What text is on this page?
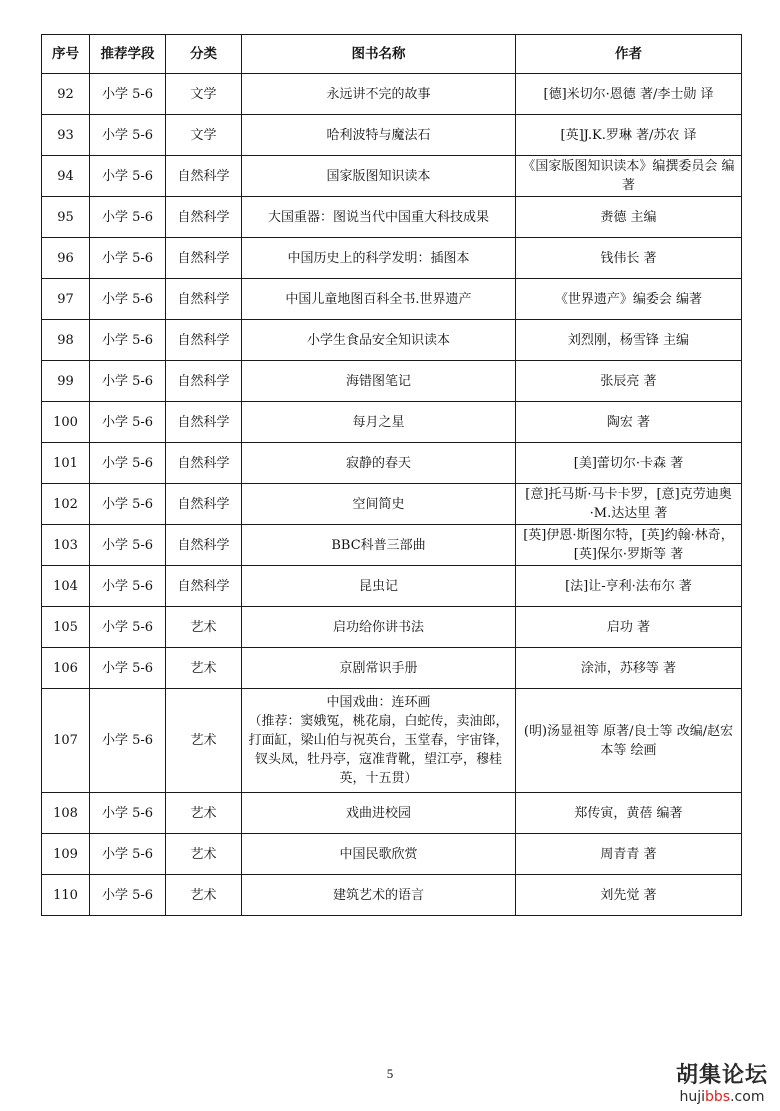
序号	推荐学段	分类	图书名称	作者
92	小学 5-6	文学	永远讲不完的故事	[德]米切尔·恩德 著/李士勋 译
93	小学 5-6	文学	哈利波特与魔法石	[英]J.K.罗琳 著/苏农 译
94	小学 5-6	自然科学	国家版图知识读本	《国家版图知识读本》编撰委员会 编著
95	小学 5-6	自然科学	大国重器：图说当代中国重大科技成果	赉德 主编
96	小学 5-6	自然科学	中国历史上的科学发明：插图本	钱伟长 著
97	小学 5-6	自然科学	中国儿童地图百科全书.世界遗产	《世界遗产》编委会 编著
98	小学 5-6	自然科学	小学生食品安全知识读本	刘烈刚，杨雪锋 主编
99	小学 5-6	自然科学	海错图笔记	张辰亮 著
100	小学 5-6	自然科学	每月之星	陶宏 著
101	小学 5-6	自然科学	寂静的春天	[美]蕾切尔·卡森 著
102	小学 5-6	自然科学	空间简史	[意]托马斯·马卡卡罗，[意]克劳迪奥·M.达达里 著
103	小学 5-6	自然科学	BBC科普三部曲	[英]伊恩·斯图尔特，[英]约翰·林奇，[英]保尔·罗斯等 著
104	小学 5-6	自然科学	昆虫记	[法]让-亨利·法布尔 著
105	小学 5-6	艺术	启功给你讲书法	启功 著
106	小学 5-6	艺术	京剧常识手册	涂沛，苏移等 著
107	小学 5-6	艺术	中国戏曲：连环画
（推荐：窦娥冤，桃花扇，白蛇传，卖油郎，打面缸，梁山伯与祝英台，玉堂春，宇宙锋，钗头凤，牡丹亭，寇准背靴，望江亭，穆桂英，十五贯）	(明)汤显祖等 原著/良士等 改编/赵宏本等 绘画
108	小学 5-6	艺术	戏曲进校园	郑传寅，黄蓓 编著
109	小学 5-6	艺术	中国民歌欣赏	周青青 著
110	小学 5-6	艺术	建筑艺术的语言	刘先觉 著
5	胡集论坛
hujibbs.com
